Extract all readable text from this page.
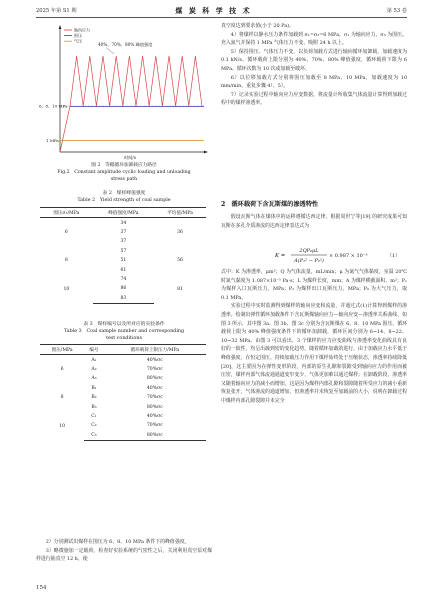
2025 年第 S1 期	煤 炭 科 学 技 术	第 53 卷
轴向应力
围压
气压
40%、70%、80% 峰值强度
6、8、10 MPa
1 MPa
时间/s
图 2　等幅循环加卸载应力路径
Fig.2　Constant amplitude cyclic loading and unloading
stress path
表 2　煤样峰值强度
Table 2　Yield strength of coal sample
围压σ₃/MPa	峰值强度/MPa	平均值/MPa
6	34	36
	37	
	37	
8	57	56
	51	
	61	
10	74	81
	86	
	83	
表 3　煤样编号以及所对应的实验条件
Table 3　Coal sample number and corresponding
test conditions
围压/MPa	编号	循环载荷上限压力/MPa
6	A₁	40%σc
	A₂	70%σc
	A₃	80%σc
8	B₁	40%σc
	B₂	70%σc
	B₃	80%σc
10	C₁	40%σc
	C₂	70%σc
	C₃	80%σc

2）分别测试出煤样在围压为 6、8、10 MPa 条件下的峰值强度。

3）略微施加一定载荷，检查好实验系统的气密性之后，关闭利用真空泵对煤样进行抽真空 12 h，使

154

真空度达到要求值(小于 20 Pa)。

4）将煤样以静水压力条件加载到 σ₁=σ₃=6 MPa，σ₁ 为轴向应力，σ₃ 为围压。充入氮气并保持 1 MPa 气体压力不变，吸附 24 h 以上。

5）保持围压、气体压力不变，以负荷加载方式进行轴向循环加卸载，加载速度为 0.1 kN/s，循环载荷上限分别为 40%、70%、80% 峰值强度，循环载荷下限为 6 MPa。循环次数为 10 次或加载至破坏。

6）以位移加载方式分别将围压加载至 8 MPa、10 MPa，加载速度为 10 mm/min，重复步骤 4）、5）。

7）记录实验过程中轴向应力应变数据，将流量计所收集气体流量计算得到加载过程中的煤样渗透率。

2　循环载荷下含瓦斯煤的渗透特性

假设瓦斯气体在煤体中的运移遵循达西定律，根据周世宁等[19] 的研究成果可知瓦斯在多孔介质渗流的达西定律表达式为

K =
2QP₀μL
A(P₁² − P₂²)
× 0.987 × 10⁻³	（1）

式中：K 为渗透率，μm²；Q 为气体流量，mL/min；μ 为氮气气体黏度，室温 20℃ 时氮气黏度为 1.087×10⁻⁵ Pa·s；L 为煤样长度，mm；A 为煤样横截面积，m²；P₁ 为煤样入口瓦斯压力，MPa；P₂ 为煤样出口瓦斯压力，MPa；P₀ 为大气压力，取 0.1 MPa。

实验过程中实时监测得到煤样的轴向应变和流量，并通过式(1)计算得到煤样的渗透率，绘制出弹性循环加载条件下含瓦斯煤轴向应力—轴向应变—渗透率关系曲线，如图 3 所示，其中图 3a、图 3b、图 3c 分别为含瓦斯煤在 6、8、10 MPa 围压、循环载荷上限为 40% 峰值强度条件下的循环加卸载，循环区间分别为 6~14、8~22、10~32 MPa。由图 3 可以看出，3 个煤样的应力应变曲线与渗透率变化曲线具有良好的一致性，均呈出疏到密的变化趋势。随着循环加载的进行，由于加载应力水平低于峰值强度，在恒定围压、持续加载压力作用下煤样始终处于压缩状态，渗透率持续降低[20]，这主要因为在弹性变形阶段，内部的原生孔隙和裂隙受到轴向应力的作用而被压密，煤样内部气体流通通道变窄变少，气体更加难以通过煤样；在卸载阶段，渗透率又随着轴向应力的减小而增加，这是因为煤样内部孔隙和裂隙随着所受应力的减小重新恢复张开，气体渗流的通道增加，但渗透率并未恢复至加载前的大小，说明在卸载过程中煤样内部孔隙裂隙并未完全
